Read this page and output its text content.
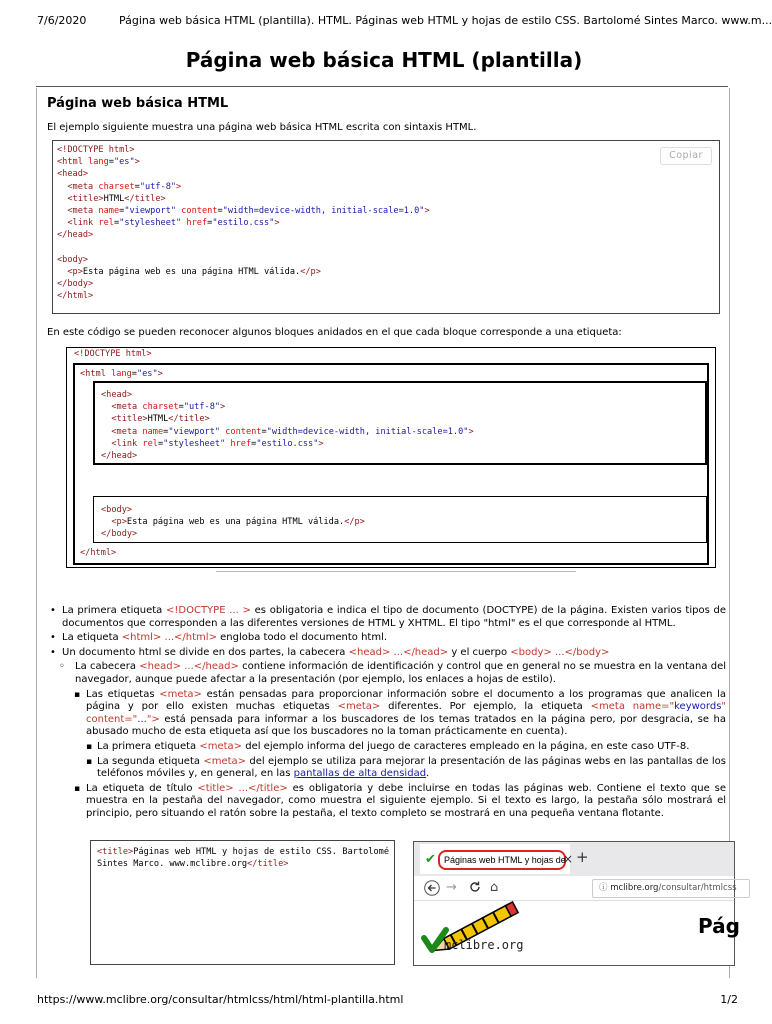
7/6/2020	Página web básica HTML (plantilla). HTML. Páginas web HTML y hojas de estilo CSS. Bartolomé Sintes Marco. www.m...
Página web básica HTML (plantilla)
Página web básica HTML
El ejemplo siguiente muestra una página web básica HTML escrita con sintaxis HTML.
<!DOCTYPE html>
<html lang="es">
<head>
<meta charset="utf-8">
<title>HTML</title>
<meta name="viewport" content="width=device-width, initial-scale=1.0">
<link rel="stylesheet" href="estilo.css">
</head>

<body>
<p>Esta página web es una página HTML válida.</p>
</body>
</html>
Copiar
En este código se pueden reconocer algunos bloques anidados en el que cada bloque corresponde a una etiqueta:
<!DOCTYPE html>
<html lang="es">
<head>
<meta charset="utf-8">
<title>HTML</title>
<meta name="viewport" content="width=device-width, initial-scale=1.0">
<link rel="stylesheet" href="estilo.css">
</head>
<body>
<p>Esta página web es una página HTML válida.</p>
</body>
</html>
• La primera etiqueta <!DOCTYPE ... > es obligatoria e indica el tipo de documento (DOCTYPE) de la página. Existen varios tipos de documentos que corresponden a las diferentes versiones de HTML y XHTML. El tipo "html" es el que corresponde al HTML.
• La etiqueta <html> ...</html> engloba todo el documento html.
• Un documento html se divide en dos partes, la cabecera <head> ...</head> y el cuerpo <body> ...</body>
◦ La cabecera <head> ...</head> contiene información de identificación y control que en general no se muestra en la ventana del navegador, aunque puede afectar a la presentación (por ejemplo, los enlaces a hojas de estilo).
▪ Las etiquetas <meta> están pensadas para proporcionar información sobre el documento a los programas que analicen la página y por ello existen muchas etiquetas <meta> diferentes. Por ejemplo, la etiqueta <meta name="keywords" content="..."> está pensada para informar a los buscadores de los temas tratados en la página pero, por desgracia, se ha abusado mucho de esta etiqueta así que los buscadores no la toman prácticamente en cuenta).
▪ La primera etiqueta <meta> del ejemplo informa del juego de caracteres empleado en la página, en este caso UTF-8.
▪ La segunda etiqueta <meta> del ejemplo se utiliza para mejorar la presentación de las páginas webs en las pantallas de los teléfonos móviles y, en general, en las pantallas de alta densidad.
▪ La etiqueta de título <title> ...</title> es obligatoria y debe incluirse en todas las páginas web. Contiene el texto que se muestra en la pestaña del navegador, como muestra el siguiente ejemplo. Si el texto es largo, la pestaña sólo mostrará el principio, pero situando el ratón sobre la pestaña, el texto completo se mostrará en una pequeña ventana flotante.

<title>Páginas web HTML y hojas de estilo CSS. Bartolomé Sintes Marco. www.mclibre.org</title>	✔ Páginas web HTML y hojas de
× +
→	⌂	ⓘ mclibre.org/consultar/htmlcss
mclibre.org
Pág
https://www.mclibre.org/consultar/htmlcss/html/html-plantilla.html	1/2
